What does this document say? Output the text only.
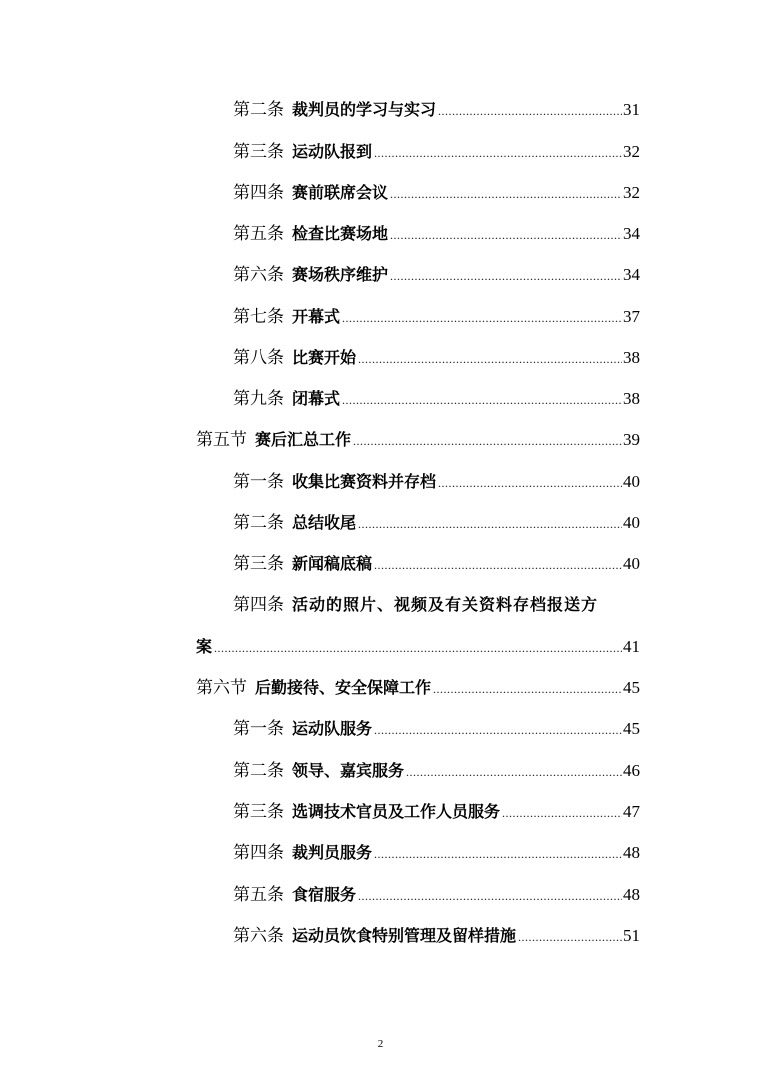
第二条 裁判员的学习与实习 .....	31
第三条 运动队报到 .....	32
第四条 赛前联席会议 .....	32
第五条 检查比赛场地 .....	34
第六条 赛场秩序维护 .....	34
第七条 开幕式 .....	37
第八条 比赛开始 .....	38
第九条 闭幕式 .....	38
第五节 赛后汇总工作 .....	39
第一条 收集比赛资料并存档 .....	40
第二条 总结收尾 .....	40
第三条 新闻稿底稿 .....	40
第四条 活动的照片、视频及有关资料存档报送方
案 .....	41
第六节 后勤接待、安全保障工作 .....	45
第一条 运动队服务 .....	45
第二条 领导、嘉宾服务 .....	46
第三条 选调技术官员及工作人员服务 .....	47
第四条 裁判员服务 .....	48
第五条 食宿服务 .....	48
第六条 运动员饮食特别管理及留样措施 .....	51
2
